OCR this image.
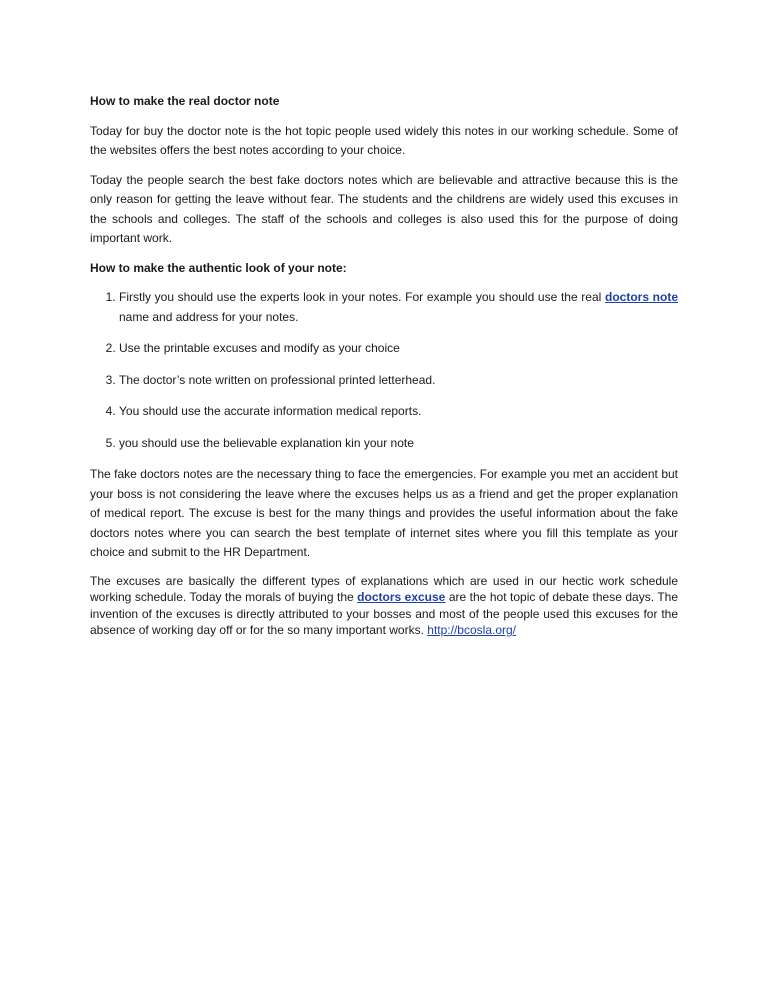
How to make the real doctor note

Today for buy the doctor note is the hot topic people used widely this notes in our working schedule. Some of the websites offers the best notes according to your choice.

Today the people search the best fake doctors notes which are believable and attractive because this is the only reason for getting the leave without fear. The students and the childrens are widely used this excuses in the schools and colleges. The staff of the schools and colleges is also used this for the purpose of doing important work.

How to make the authentic look of your note:
1. Firstly you should use the experts look in your notes. For example you should use the real doctors note name and address for your notes.
2. Use the printable excuses and modify as your choice
3. The doctor’s note written on professional printed letterhead.
4. You should use the accurate information medical reports.
5. you should use the believable explanation kin your note

The fake doctors notes are the necessary thing to face the emergencies. For example you met an accident but your boss is not considering the leave where the excuses helps us as a friend and get the proper explanation of medical report. The excuse is best for the many things and provides the useful information about the fake doctors notes where you can search the best template of internet sites where you fill this template as your choice and submit to the HR Department.

The excuses are basically the different types of explanations which are used in our hectic work schedule working schedule. Today the morals of buying the doctors excuse are the hot topic of debate these days. The invention of the excuses is directly attributed to your bosses and most of the people used this excuses for the absence of working day off or for the so many important works. http://bcosla.org/
